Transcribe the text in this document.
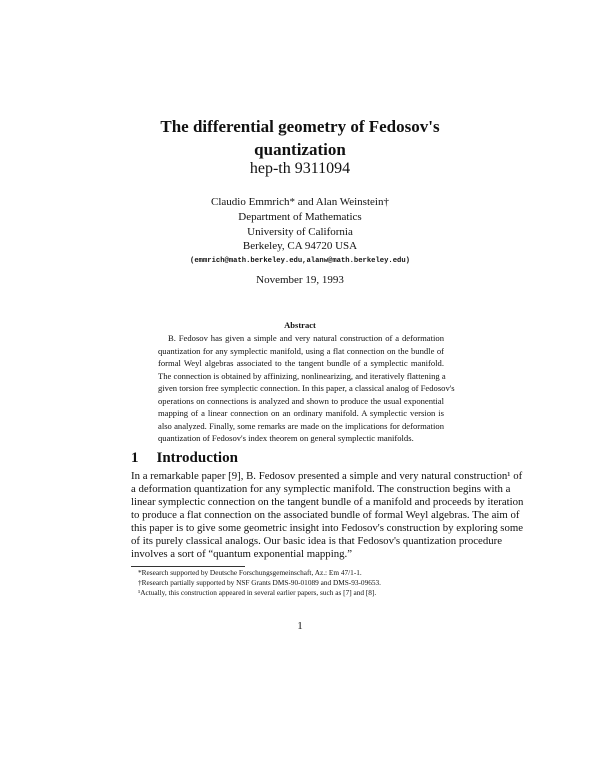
The differential geometry of Fedosov's
quantization
hep-th 9311094
Claudio Emmrich* and Alan Weinstein†
Department of Mathematics
University of California
Berkeley, CA 94720 USA
(emmrich@math.berkeley.edu,alanw@math.berkeley.edu)
November 19, 1993
Abstract
B. Fedosov has given a simple and very natural construction of a deformation
quantization for any symplectic manifold, using a flat connection on the bundle of
formal Weyl algebras associated to the tangent bundle of a symplectic manifold.
The connection is obtained by affinizing, nonlinearizing, and iteratively flattening a
given torsion free symplectic connection. In this paper, a classical analog of Fedosov's
operations on connections is analyzed and shown to produce the usual exponential
mapping of a linear connection on an ordinary manifold. A symplectic version is
also analyzed. Finally, some remarks are made on the implications for deformation
quantization of Fedosov's index theorem on general symplectic manifolds.
1 Introduction
In a remarkable paper [9], B. Fedosov presented a simple and very natural construction¹ of
a deformation quantization for any symplectic manifold. The construction begins with a
linear symplectic connection on the tangent bundle of a manifold and proceeds by iteration
to produce a flat connection on the associated bundle of formal Weyl algebras. The aim of
this paper is to give some geometric insight into Fedosov's construction by exploring some
of its purely classical analogs. Our basic idea is that Fedosov's quantization procedure
involves a sort of “quantum exponential mapping.”
*Research supported by Deutsche Forschungsgemeinschaft, Az.: Em 47/1-1.
†Research partially supported by NSF Grants DMS-90-01089 and DMS-93-09653.
¹Actually, this construction appeared in several earlier papers, such as [7] and [8].
1
